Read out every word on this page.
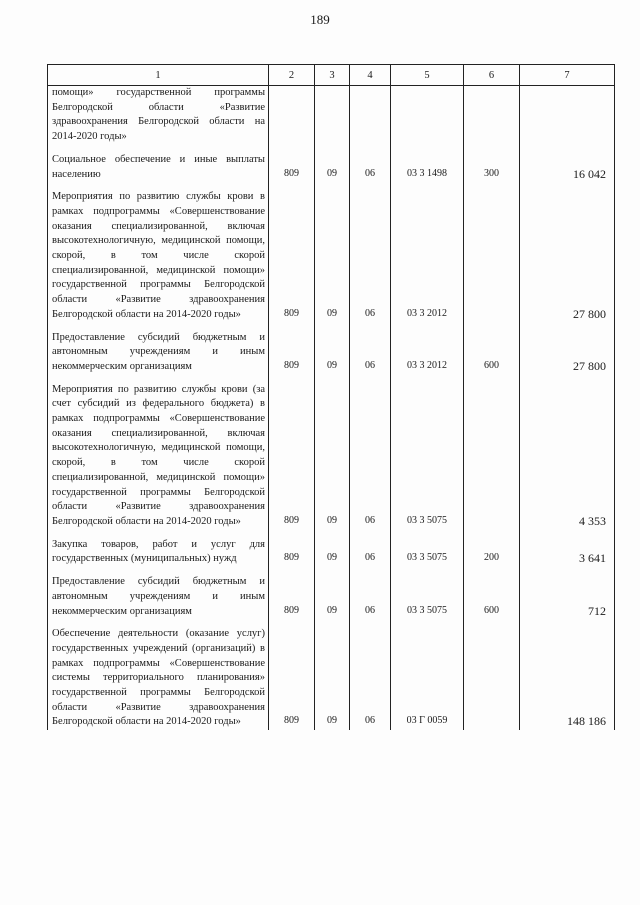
189
1	2	3	4	5	6	7
помощи» государственной программы Белгородской области «Развитие здравоохранения Белгородской области на 2014-2020 годы»						

Социальное обеспечение и иные выплаты населению	809	09	06	03 3 1498	300	16 042

Мероприятия по развитию службы крови в рамках подпрограммы «Совершенствование оказания специализированной, включая высокотехнологичную, медицинской помощи, скорой, в том числе скорой специализированной, медицинской помощи» государственной программы Белгородской области «Развитие здравоохранения Белгородской области на 2014-2020 годы»	809	09	06	03 3 2012		27 800

Предоставление субсидий бюджетным и автономным учреждениям и иным некоммерческим организациям	809	09	06	03 3 2012	600	27 800

Мероприятия по развитию службы крови (за счет субсидий из федерального бюджета) в рамках подпрограммы «Совершенствование оказания специализированной, включая высокотехнологичную, медицинской помощи, скорой, в том числе скорой специализированной, медицинской помощи» государственной программы Белгородской области «Развитие здравоохранения Белгородской области на 2014-2020 годы»	809	09	06	03 3 5075		4 353

Закупка товаров, работ и услуг для государственных (муниципальных) нужд	809	09	06	03 3 5075	200	3 641

Предоставление субсидий бюджетным и автономным учреждениям и иным некоммерческим организациям	809	09	06	03 3 5075	600	712

Обеспечение деятельности (оказание услуг) государственных учреждений (организаций) в рамках подпрограммы «Совершенствование системы территориального планирования» государственной программы Белгородской области «Развитие здравоохранения Белгородской области на 2014-2020 годы»	809	09	06	03 Г 0059		148 186
